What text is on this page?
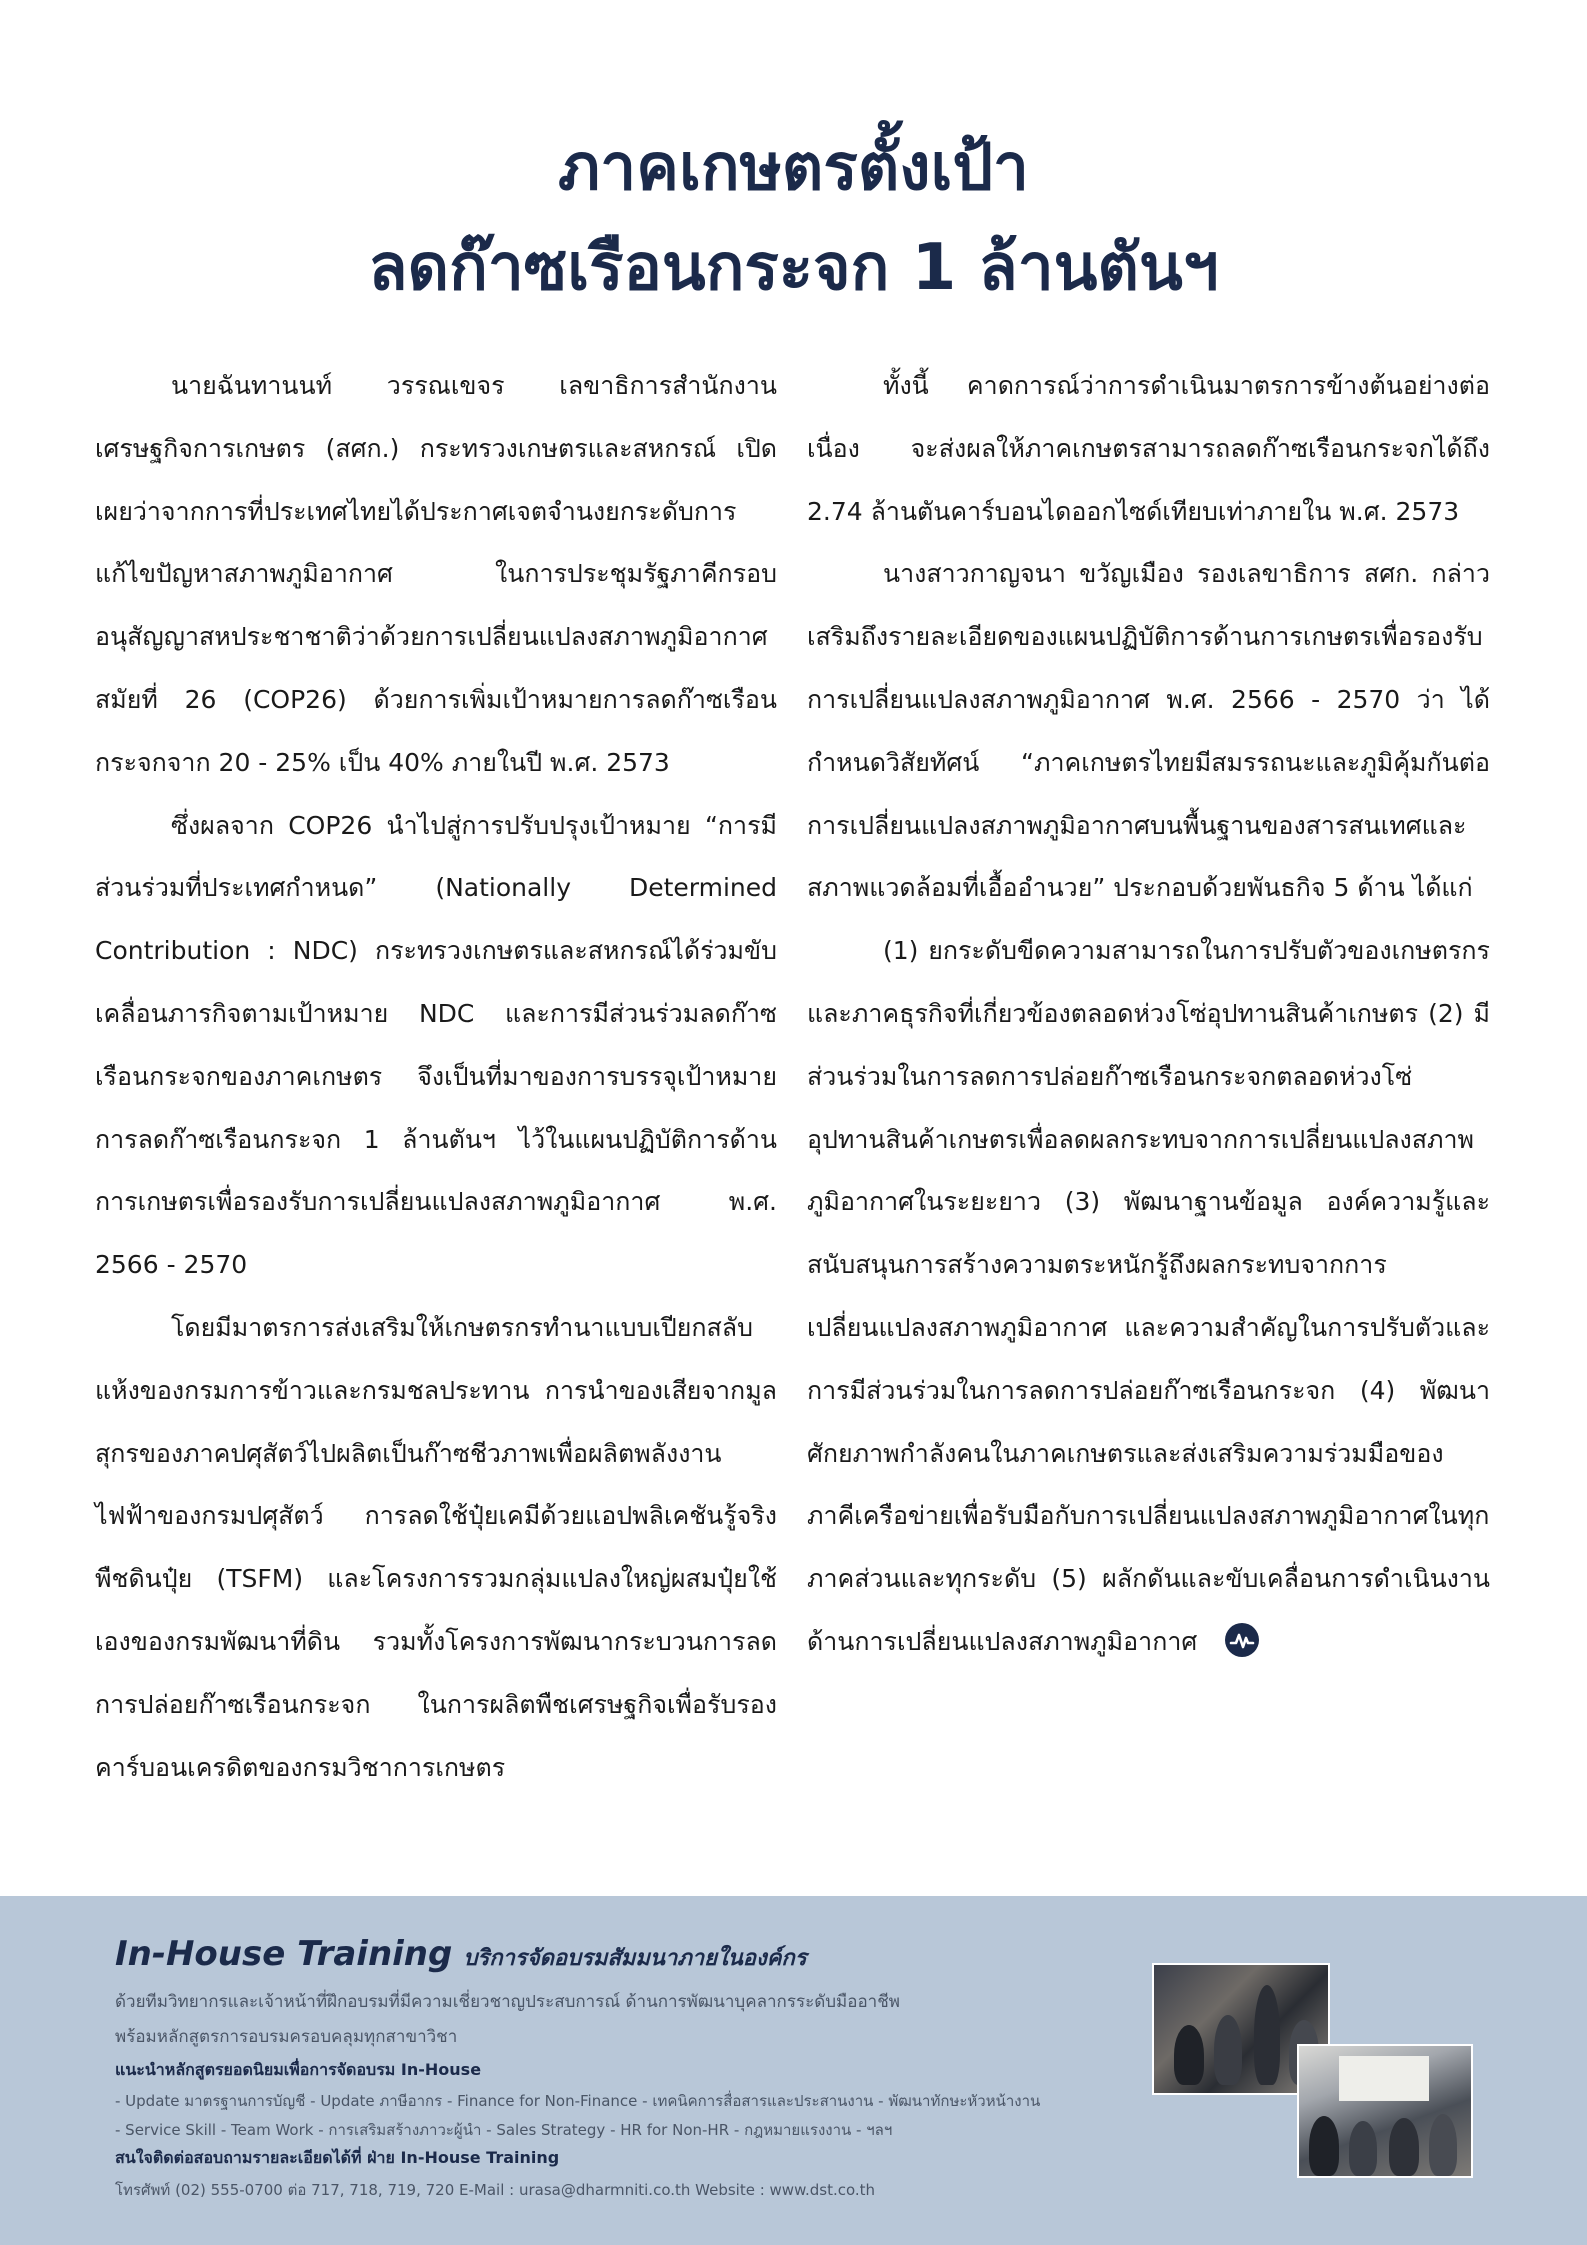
ภาคเกษตรตั้งเป้า
ลดก๊าซเรือนกระจก 1 ล้านตันฯ

นายฉันทานนท์ วรรณเขจร เลขาธิการสำนักงานเศรษฐกิจการเกษตร (สศก.) กระทรวงเกษตรและสหกรณ์ เปิดเผยว่าจากการที่ประเทศไทยได้ประกาศเจตจำนงยกระดับการแก้ไขปัญหาสภาพภูมิอากาศ ในการประชุมรัฐภาคีกรอบอนุสัญญาสหประชาชาติว่าด้วยการเปลี่ยนแปลงสภาพภูมิอากาศ สมัยที่ 26 (COP26) ด้วยการเพิ่มเป้าหมายการลดก๊าซเรือนกระจกจาก 20 - 25% เป็น 40% ภายในปี พ.ศ. 2573

ซึ่งผลจาก COP26 นำไปสู่การปรับปรุงเป้าหมาย “การมีส่วนร่วมที่ประเทศกำหนด” (Nationally Determined Contribution : NDC) กระทรวงเกษตรและสหกรณ์ได้ร่วมขับเคลื่อนภารกิจตามเป้าหมาย NDC และการมีส่วนร่วมลดก๊าซเรือนกระจกของภาคเกษตร จึงเป็นที่มาของการบรรจุเป้าหมายการลดก๊าซเรือนกระจก 1 ล้านตันฯ ไว้ในแผนปฏิบัติการด้านการเกษตรเพื่อรองรับการเปลี่ยนแปลงสภาพภูมิอากาศ พ.ศ. 2566 - 2570

โดยมีมาตรการส่งเสริมให้เกษตรกรทำนาแบบเปียกสลับแห้งของกรมการข้าวและกรมชลประทาน การนำของเสียจากมูลสุกรของภาคปศุสัตว์ไปผลิตเป็นก๊าซชีวภาพเพื่อผลิตพลังงานไฟฟ้าของกรมปศุสัตว์ การลดใช้ปุ๋ยเคมีด้วยแอปพลิเคชันรู้จริงพืชดินปุ๋ย (TSFM) และโครงการรวมกลุ่มแปลงใหญ่ผสมปุ๋ยใช้เองของกรมพัฒนาที่ดิน รวมทั้งโครงการพัฒนากระบวนการลดการปล่อยก๊าซเรือนกระจก ในการผลิตพืชเศรษฐกิจเพื่อรับรองคาร์บอนเครดิตของกรมวิชาการเกษตร

ทั้งนี้ คาดการณ์ว่าการดำเนินมาตรการข้างต้นอย่างต่อเนื่อง จะส่งผลให้ภาคเกษตรสามารถลดก๊าซเรือนกระจกได้ถึง 2.74 ล้านตันคาร์บอนไดออกไซด์เทียบเท่าภายใน พ.ศ. 2573

นางสาวกาญจนา ขวัญเมือง รองเลขาธิการ สศก. กล่าวเสริมถึงรายละเอียดของแผนปฏิบัติการด้านการเกษตรเพื่อรองรับการเปลี่ยนแปลงสภาพภูมิอากาศ พ.ศ. 2566 - 2570 ว่า ได้กำหนดวิสัยทัศน์ “ภาคเกษตรไทยมีสมรรถนะและภูมิคุ้มกันต่อการเปลี่ยนแปลงสภาพภูมิอากาศบนพื้นฐานของสารสนเทศและสภาพแวดล้อมที่เอื้ออำนวย” ประกอบด้วยพันธกิจ 5 ด้าน ได้แก่

(1) ยกระดับขีดความสามารถในการปรับตัวของเกษตรกรและภาคธุรกิจที่เกี่ยวข้องตลอดห่วงโซ่อุปทานสินค้าเกษตร (2) มีส่วนร่วมในการลดการปล่อยก๊าซเรือนกระจกตลอดห่วงโซ่อุปทานสินค้าเกษตรเพื่อลดผลกระทบจากการเปลี่ยนแปลงสภาพภูมิอากาศในระยะยาว (3) พัฒนาฐานข้อมูล องค์ความรู้และสนับสนุนการสร้างความตระหนักรู้ถึงผลกระทบจากการเปลี่ยนแปลงสภาพภูมิอากาศ และความสำคัญในการปรับตัวและการมีส่วนร่วมในการลดการปล่อยก๊าซเรือนกระจก (4) พัฒนาศักยภาพกำลังคนในภาคเกษตรและส่งเสริมความร่วมมือของภาคีเครือข่ายเพื่อรับมือกับการเปลี่ยนแปลงสภาพภูมิอากาศในทุกภาคส่วนและทุกระดับ (5) ผลักดันและขับเคลื่อนการดำเนินงานด้านการเปลี่ยนแปลงสภาพภูมิอากาศ

In-House Training บริการจัดอบรมสัมมนาภายในองค์กร
ด้วยทีมวิทยากรและเจ้าหน้าที่ฝึกอบรมที่มีความเชี่ยวชาญประสบการณ์ ด้านการพัฒนาบุคลากรระดับมืออาชีพ
พร้อมหลักสูตรการอบรมครอบคลุมทุกสาขาวิชา
แนะนำหลักสูตรยอดนิยมเพื่อการจัดอบรม In-House
- Update มาตรฐานการบัญชี - Update ภาษีอากร - Finance for Non-Finance - เทคนิคการสื่อสารและประสานงาน - พัฒนาทักษะหัวหน้างาน
- Service Skill - Team Work - การเสริมสร้างภาวะผู้นำ - Sales Strategy - HR for Non-HR - กฎหมายแรงงาน - ฯลฯ
สนใจติดต่อสอบถามรายละเอียดได้ที่ ฝ่าย In-House Training
โทรศัพท์ (02) 555-0700 ต่อ 717, 718, 719, 720 E-Mail : urasa@dharmniti.co.th Website : www.dst.co.th
